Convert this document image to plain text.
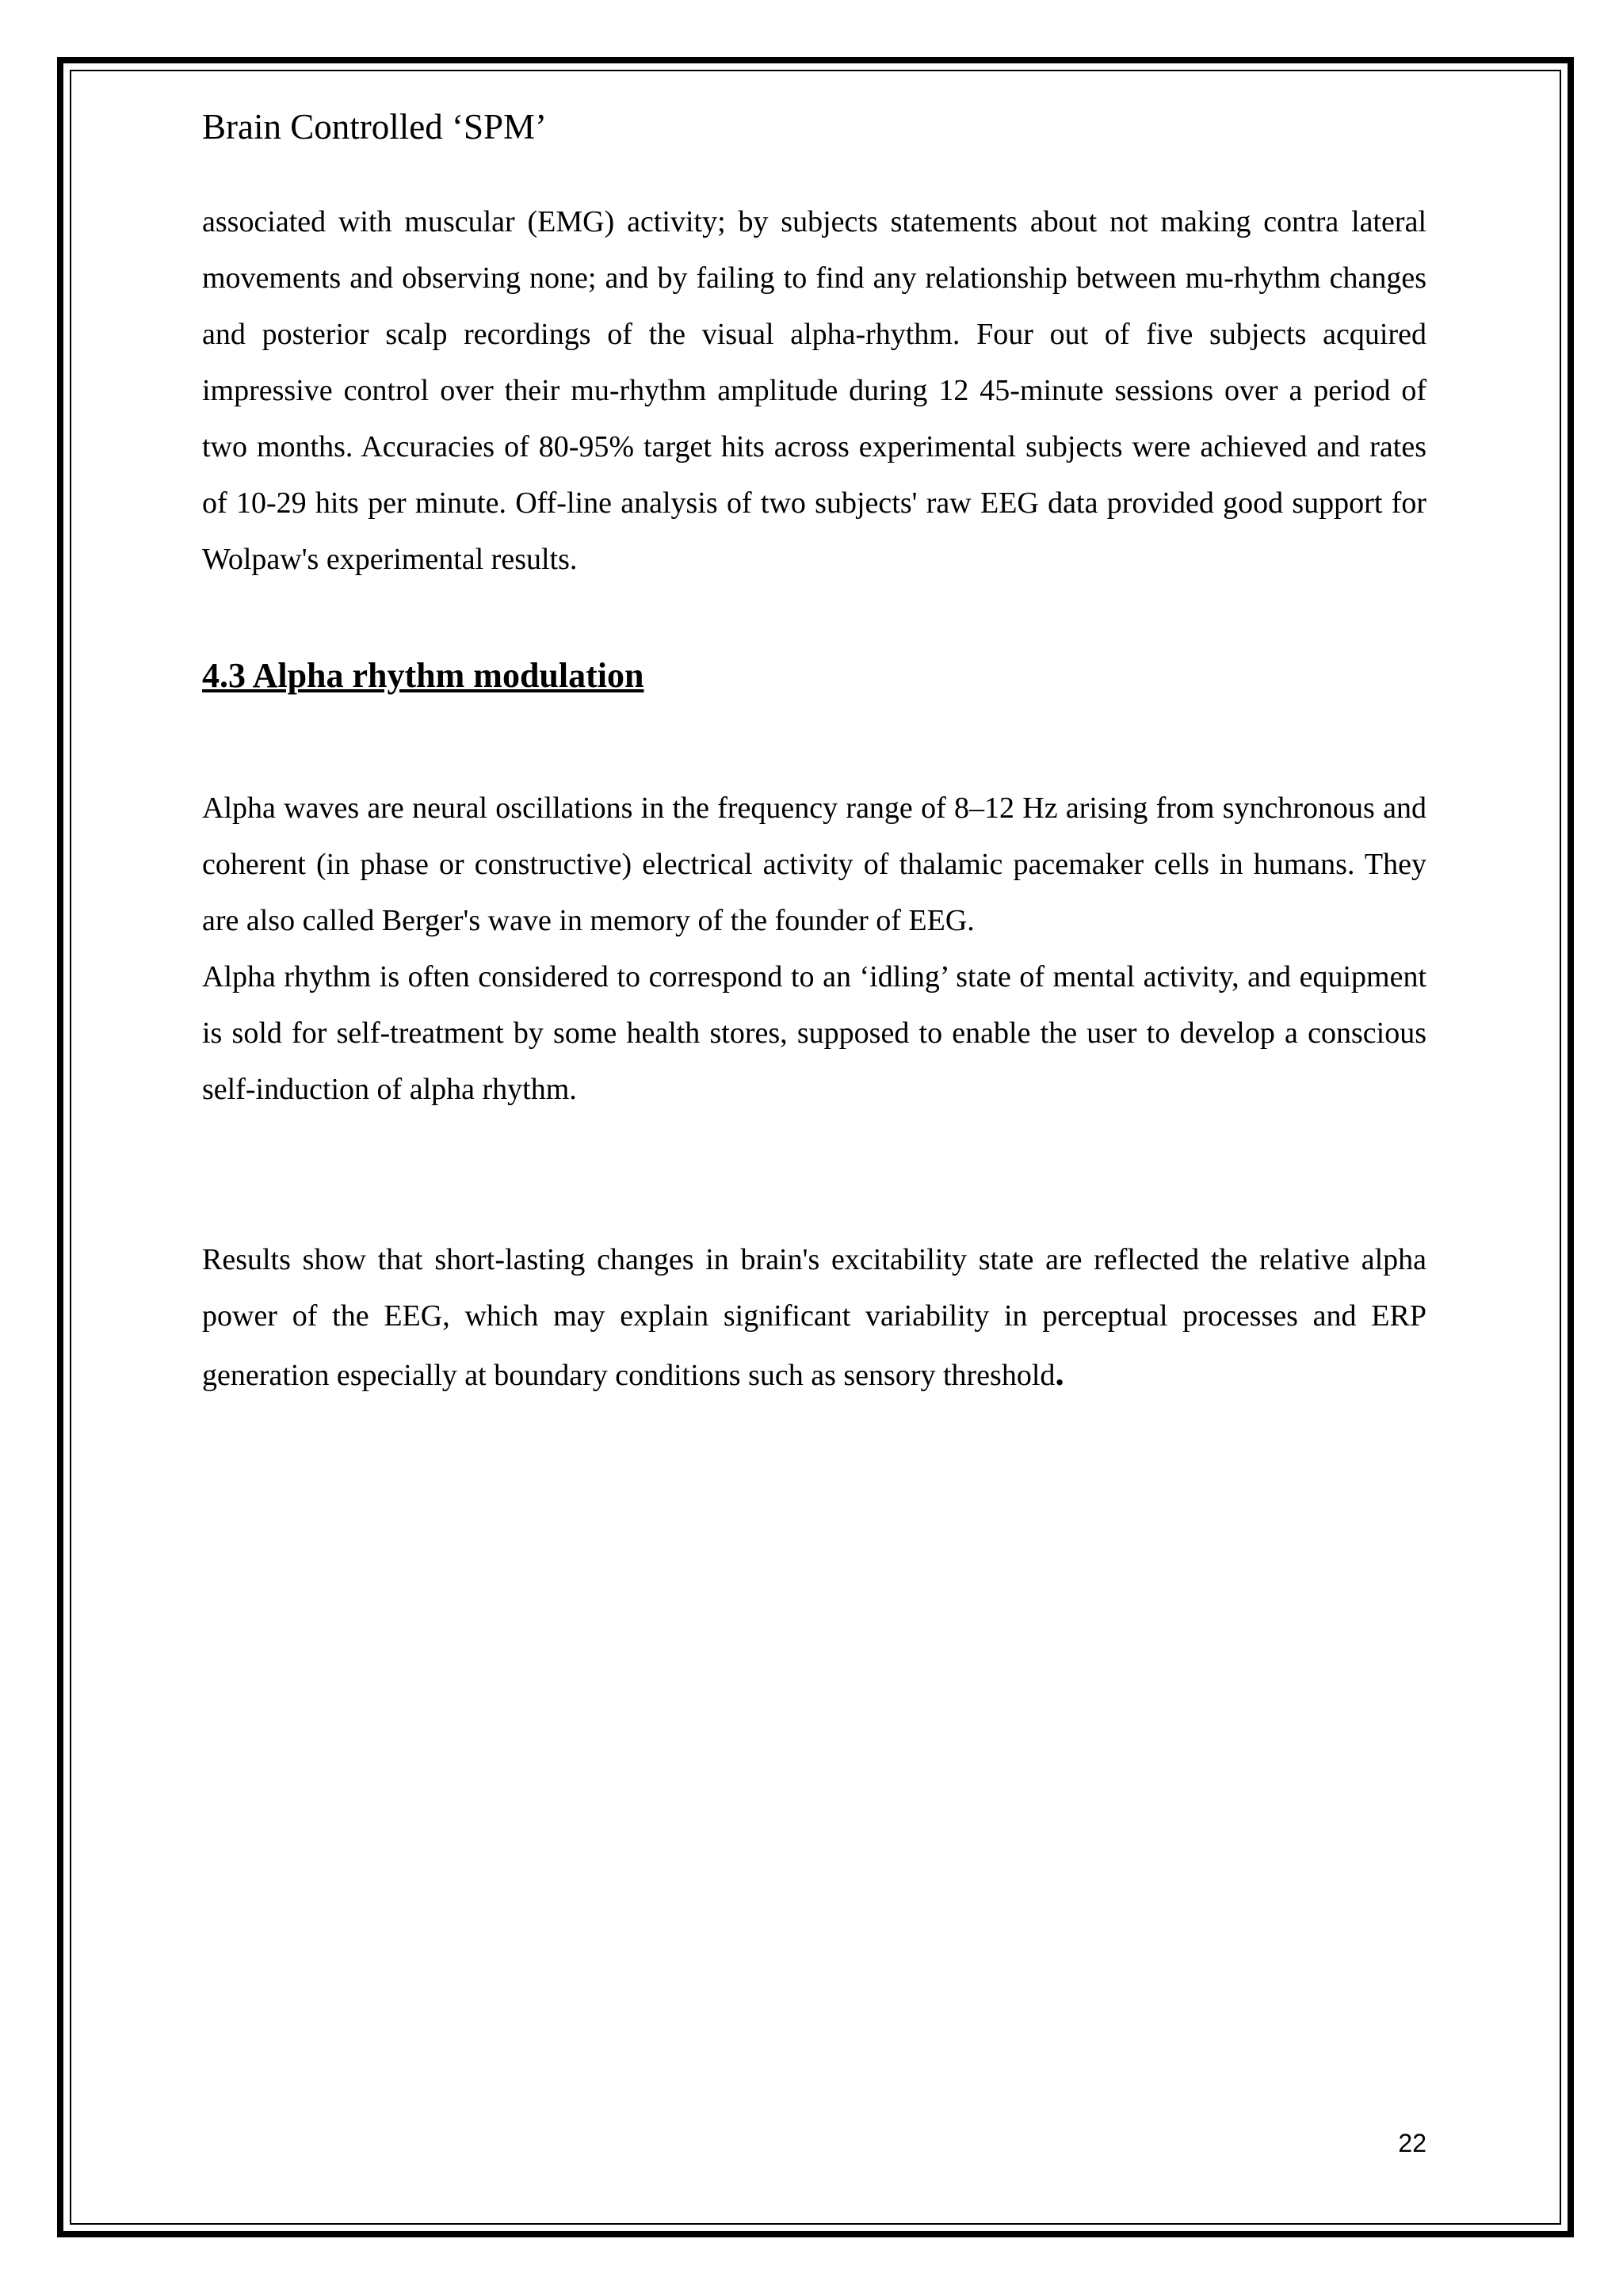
Brain Controlled ‘SPM’

associated with muscular (EMG) activity; by subjects statements about not making contra lateral movements and observing none; and by failing to find any relationship between mu-rhythm changes and posterior scalp recordings of the visual alpha-rhythm. Four out of five subjects acquired impressive control over their mu-rhythm amplitude during 12 45-minute sessions over a period of two months. Accuracies of 80-95% target hits across experimental subjects were achieved and rates of 10-29 hits per minute. Off-line analysis of two subjects' raw EEG data provided good support for Wolpaw's experimental results.

4.3 Alpha rhythm modulation

Alpha waves are neural oscillations in the frequency range of 8–12 Hz arising from synchronous and coherent (in phase or constructive) electrical activity of thalamic pacemaker cells in humans. They are also called Berger's wave in memory of the founder of EEG.

Alpha rhythm is often considered to correspond to an ‘idling’ state of mental activity, and equipment is sold for self-treatment by some health stores, supposed to enable the user to develop a conscious self-induction of alpha rhythm.

Results show that short-lasting changes in brain's excitability state are reflected the relative alpha power of the EEG, which may explain significant variability in perceptual processes and ERP generation especially at boundary conditions such as sensory threshold.

22
